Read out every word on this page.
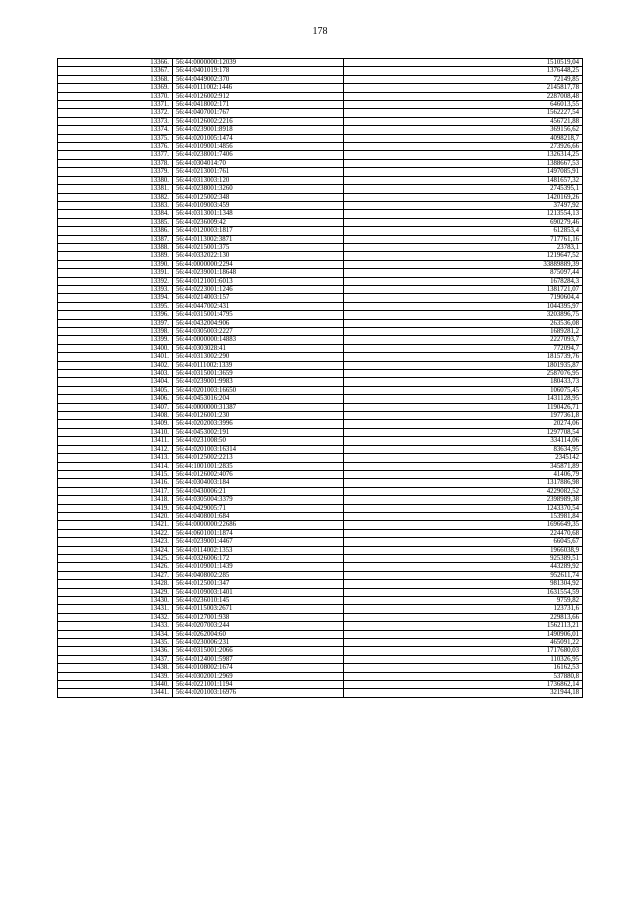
178
13366.	56:44:0000000:12039	1510519,04
13367.	56:44:0401019:178	1376448,25
13368.	56:44:0449002:370	72149,85
13369.	56:44:0111002:1446	2145817,78
13370.	56:44:0126002:912	2287008,48
13371.	56:44:0418002:171	646013,55
13372.	56:44:0407001:767	1562227,54
13373.	56:44:0126002:2216	456721,88
13374.	56:44:0239001:8918	369156,62
13375.	56:44:0201005:1474	4098218,7
13376.	56:44:0109001:4856	273926,66
13377.	56:44:0238001:7406	1326314,25
13378.	56:44:0304014:70	1388667,53
13379.	56:44:0213001:761	1497085,91
13380.	56:44:0313003:120	1481657,32
13381.	56:44:0238001:3260	2745395,1
13382.	56:44:0125002:348	1420169,26
13383.	56:44:0109003:459	37497,92
13384.	56:44:0313001:1348	1213554,13
13385.	56:44:0236009:42	690279,46
13386.	56:44:0120003:1817	612853,4
13387.	56:44:0113002:3871	717761,16
13388.	56:44:0215001:375	23783,1
13389.	56:44:0332022:130	1219647,52
13390.	56:44:0000000:2294	33889889,39
13391.	56:44:0239001:18648	875097,44
13392.	56:44:0121001:6013	1678284,3
13393.	56:44:0223001:1246	1381721,07
13394.	56:44:0214003:157	7190604,4
13395.	56:44:0447002:431	1044395,97
13396.	56:44:0315001:4795	3203896,75
13397.	56:44:0432004:906	263536,08
13398.	56:44:0305003:2227	1689281,2
13399.	56:44:0000000:14883	2227093,7
13400.	56:44:0303028:41	772094,7
13401.	56:44:0313002:290	1815739,76
13402.	56:44:0111002:1339	1801935,87
13403.	56:44:0315001:3659	2587076,95
13404.	56:44:0239001:9983	180433,73
13405.	56:44:0201003:16650	106075,45
13406.	56:44:0453016:204	1431128,95
13407.	56:44:0000000:31387	1190426,71
13408.	56:44:0126001:230	1977361,8
13409.	56:44:0202003:3996	20274,06
13410.	56:44:0453002:191	1297708,54
13411.	56:44:0231008:50	334114,06
13412.	56:44:0201003:16314	83634,95
13413.	56:44:0125002:2213	2345142
13414.	56:44:1001001:2835	345871,89
13415.	56:44:0126002:4076	41406,79
13416.	56:44:0304003:184	1317886,98
13417.	56:44:0430006:21	4229082,52
13418.	56:44:0305004:3379	2398989,38
13419.	56:44:0429005:71	1243370,54
13420.	56:44:0408001:684	153981,84
13421.	56:44:0000000:22686	1696649,35
13422.	56:44:0601001:1874	224470,68
13423.	56:44:0239001:4467	66045,67
13424.	56:44:0114002:1353	1966038,9
13425.	56:44:0326006:172	925389,51
13426.	56:44:0109001:1439	443289,92
13427.	56:44:0408002:285	952611,74
13428.	56:44:0125001:347	981304,92
13429.	56:44:0109003:1401	1631554,59
13430.	56:44:0236010:145	9759,82
13431.	56:44:0115003:2671	123731,6
13432.	56:44:0127001:938	229813,66
13433.	56:44:0207003:244	1562113,21
13434.	56:44:0262004:60	1490906,01
13435.	56:44:0230006:231	465091,22
13436.	56:44:0315001:2066	1717680,03
13437.	56:44:0124001:5987	110326,95
13438.	56:44:0108002:1674	16162,53
13439.	56:44:0302001:2969	537880,8
13440.	56:44:0221001:1194	1736862,14
13441.	56:44:0201003:16976	321944,18
